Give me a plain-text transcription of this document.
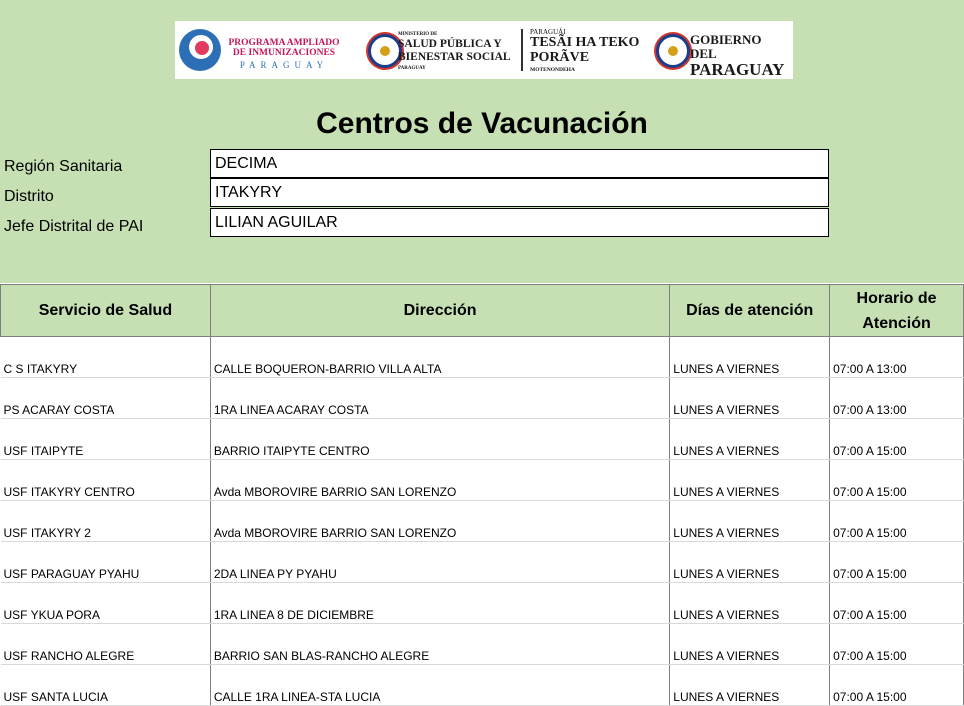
PROGRAMA AMPLIADO
DE INMUNIZACIONES
PARAGUAY
MINISTERIO DE
SALUD PÚBLICA Y
BIENESTAR SOCIAL
PARAGUAY
PARAGUÁI
TESÃI HA TEKO
PORÃVE
MOTENONDEHA
GOBIERNO DEL
PARAGUAY
Centros de Vacunación
Región Sanitaria	DECIMA
Distrito	ITAKYRY
Jefe Distrital de PAI	LILIAN AGUILAR
Servicio de Salud	Dirección	Días de atención	Horario de Atención
C S ITAKYRY	CALLE BOQUERON-BARRIO VILLA ALTA	LUNES A VIERNES	07:00 A 13:00
PS ACARAY COSTA	1RA LINEA ACARAY COSTA	LUNES A VIERNES	07:00 A 13:00
USF ITAIPYTE	BARRIO ITAIPYTE CENTRO	LUNES A VIERNES	07:00 A 15:00
USF ITAKYRY CENTRO	Avda MBOROVIRE BARRIO SAN LORENZO	LUNES A VIERNES	07:00 A 15:00
USF ITAKYRY 2	Avda MBOROVIRE BARRIO SAN LORENZO	LUNES A VIERNES	07:00 A 15:00
USF PARAGUAY PYAHU	2DA LINEA PY PYAHU	LUNES A VIERNES	07:00 A 15:00
USF YKUA PORA	1RA LINEA 8 DE DICIEMBRE	LUNES A VIERNES	07:00 A 15:00
USF RANCHO ALEGRE	BARRIO SAN BLAS-RANCHO ALEGRE	LUNES A VIERNES	07:00 A 15:00
USF SANTA LUCIA	CALLE 1RA LINEA-STA LUCIA	LUNES A VIERNES	07:00 A 15:00
